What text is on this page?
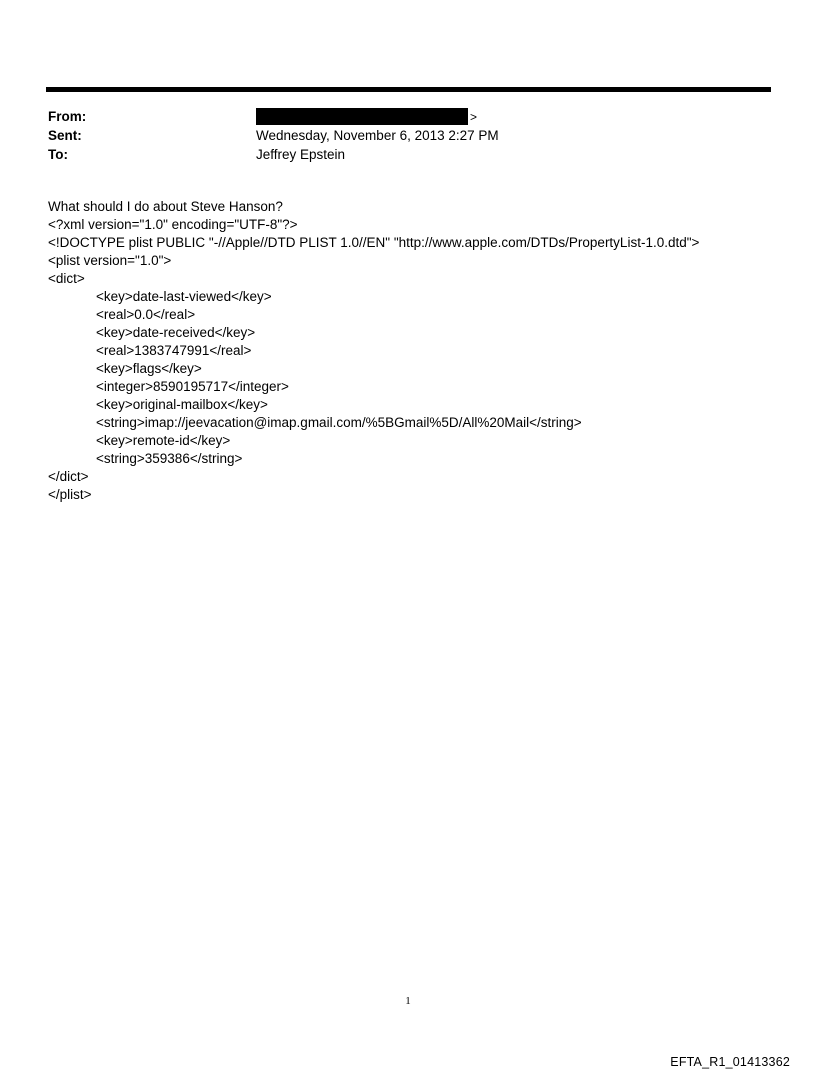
From:	>
Sent:	Wednesday, November 6, 2013 2:27 PM
To:	Jeffrey Epstein
What should I do about Steve Hanson?
<?xml version="1.0" encoding="UTF-8"?>
<!DOCTYPE plist PUBLIC "-//Apple//DTD PLIST 1.0//EN" "http://www.apple.com/DTDs/PropertyList-1.0.dtd">
<plist version="1.0">
<dict>
<key>date-last-viewed</key>
<real>0.0</real>
<key>date-received</key>
<real>1383747991</real>
<key>flags</key>
<integer>8590195717</integer>
<key>original-mailbox</key>
<string>imap://jeevacation@imap.gmail.com/%5BGmail%5D/All%20Mail</string>
<key>remote-id</key>
<string>359386</string>
</dict>
</plist>
1
EFTA_R1_01413362
